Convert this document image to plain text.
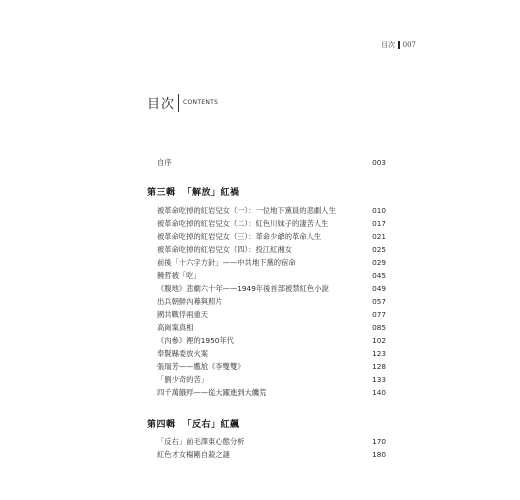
目次 007
目次 CONTENTS
自序	003
第三輯 「解放」紅禍
被革命吃掉的紅岩兒女（一）：一位地下黨員的悲劇人生	010
被革命吃掉的紅岩兒女（二）：紅色川妹子的淒苦人生	017
被革命吃掉的紅岩兒女（三）：革命少爺的革命人生	021
被革命吃掉的紅岩兒女（四）：投江紅湘女	025
前後「十六字方針」——中共地下黨的宿命	029
饒哲被「吃」	045
《腹地》悲劇六十年——1949年後首部被禁紅色小說	049
出兵朝鮮內幕與照片	057
國共戰俘兩重天	077
高崗案真相	085
《內參》裡的1950年代	102
奉賢縣委放火案	123
張瑞芳——尷尬《李雙雙》	128
「劉少奇的苦」	133
四千萬餓殍——從大躍進到大饑荒	140
第四輯 「反右」紅飆
「反右」前毛澤東心態分析	170
紅色才女楊剛自殺之謎	180
